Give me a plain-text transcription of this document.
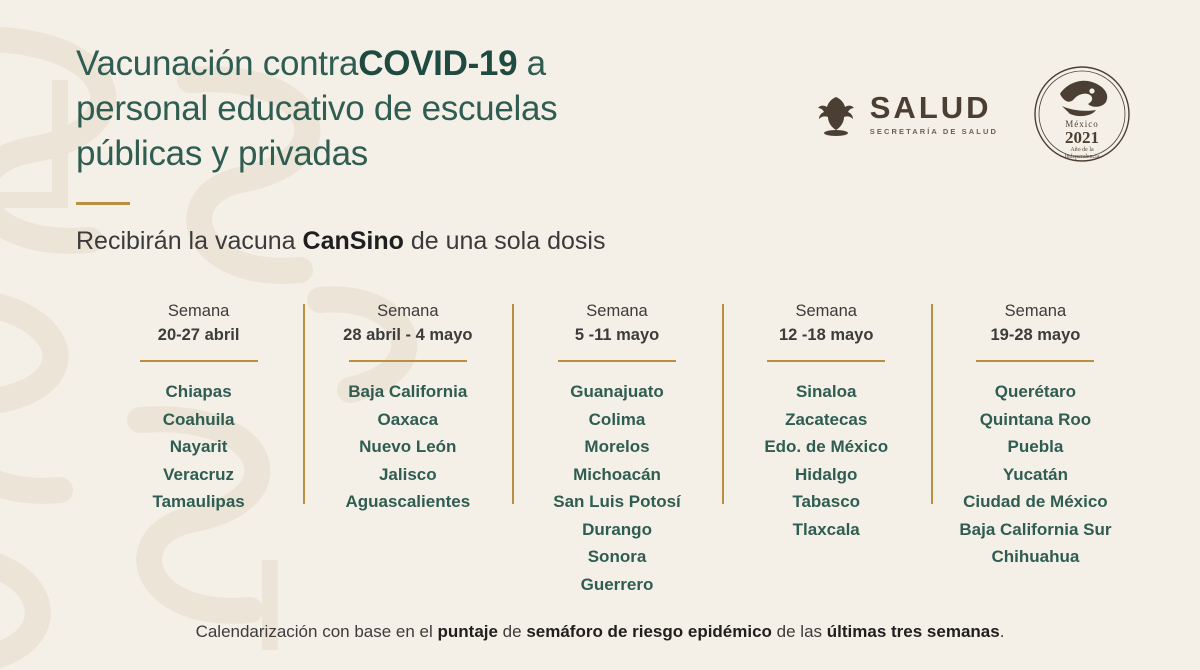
Vacunación contraCOVID-19 a
personal educativo de escuelas
públicas y privadas
SALUD
SECRETARÍA DE SALUD
México
2021
Año de la
Independencia
Recibirán la vacuna CanSino de una sola dosis
Semana
20-27 abril
Chiapas
Coahuila
Nayarit
Veracruz
Tamaulipas
Semana
28 abril - 4 mayo
Baja California
Oaxaca
Nuevo León
Jalisco
Aguascalientes
Semana
5 -11 mayo
Guanajuato
Colima
Morelos
Michoacán
San Luis Potosí
Durango
Sonora
Guerrero
Semana
12 -18 mayo
Sinaloa
Zacatecas
Edo. de México
Hidalgo
Tabasco
Tlaxcala
Semana
19-28 mayo
Querétaro
Quintana Roo
Puebla
Yucatán
Ciudad de México
Baja California Sur
Chihuahua
Calendarización con base en el puntaje de semáforo de riesgo epidémico de las últimas tres semanas.
